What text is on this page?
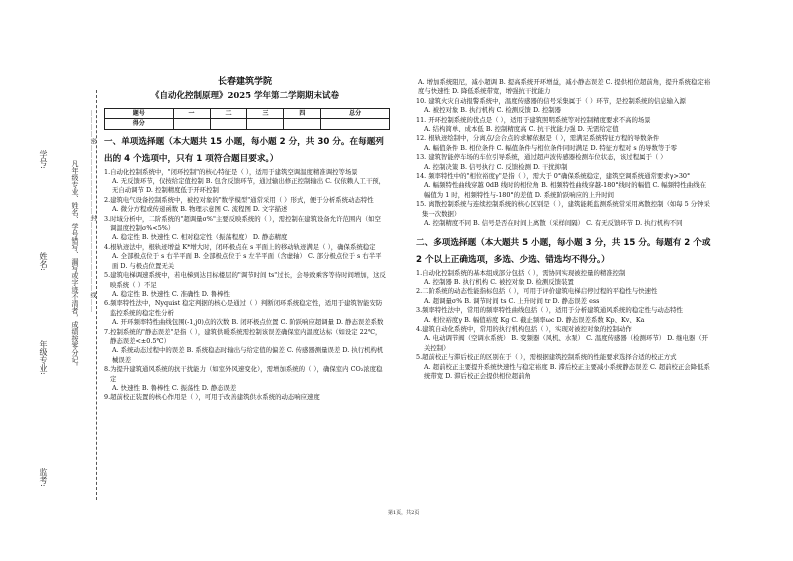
学号:
姓名:
年级专业:
监考:
凡年级专业、姓名、学号错写、漏写或字迹不清者，成绩按零分记。 …………密…………………………封…………………………线……
长春建筑学院
《自动化控制原理》2025 学年第二学期期末试卷
题号	一	二	三	四	总分
得分					
一、单项选择题（本大题共 15 小题，每小题 2 分，共 30 分。在每题列出的 4 个选项中，只有 1 项符合题目要求。）

1.自动化控制系统中，"闭环控制"的核心特征是（ ），适用于建筑空调温度精准调控等场景

A. 无反馈环节，仅按给定值控制 B. 包含反馈环节，通过输出修正控制输出 C. 仅依赖人工干预，无自动调节 D. 控制精度低于开环控制

2.建筑电气设备控制系统中，被控对象的"数学模型"通常采用（ ）形式，便于分析系统动态特性

A. 微分方程或传递函数 B. 物理示意图 C. 流程图 D. 文字描述

3.时域分析中，二阶系统的"超调量σ%"主要反映系统的（ ），需控制在建筑设备允许范围内（如空调温度控制σ%<5%）

A. 稳定性 B. 快速性 C. 相对稳定性（振荡程度） D. 静态精度

4.根轨迹法中，根轨迹增益 K*增大时，闭环极点在 s 平面上的移动轨迹满足（ ），确保系统稳定

A. 全部极点位于 s 右半平面 B. 全部极点位于 s 左半平面（含虚轴） C. 部分极点位于 s 右半平面 D. 与极点位置无关

5.建筑电梯调速系统中，若电梯到达目标楼层的"调节时间 ts"过长，会导致乘客等待时间增加，这反映系统（ ）不足

A. 稳定性 B. 快速性 C. 准确性 D. 鲁棒性

6.频率特性法中，Nyquist 稳定判据的核心是通过（ ）判断闭环系统稳定性，适用于建筑智能安防监控系统的稳定性分析

A. 开环频率特性曲线包围(-1,j0)点的次数 B. 闭环极点位置 C. 阶跃响应超调量 D. 静态误差系数

7.控制系统的"静态误差"是指（ ），建筑供暖系统需控制该误差确保室内温度达标（如设定 22℃，静态误差<±0.5℃）

A. 系统动态过程中的误差 B. 系统稳态时输出与给定值的偏差 C. 传感器测量误差 D. 执行机构机械误差

8.为提升建筑通风系统的抗干扰能力（如室外风速变化），需增加系统的（ ），确保室内 CO₂浓度稳定

A. 快速性 B. 鲁棒性 C. 振荡性 D. 静态误差

9.超前校正装置的核心作用是（ ），可用于改善建筑供水系统的动态响应速度

A. 增加系统阻尼，减小超调 B. 提高系统开环增益，减小静态误差 C. 提供相位超前角，提升系统稳定裕度与快速性 D. 降低系统带宽，增强抗干扰能力

10. 建筑火灾自动报警系统中，温度传感器的信号采集属于（ ）环节，是控制系统的信息输入源

A. 被控对象 B. 执行机构 C. 检测反馈 D. 控制器

11. 开环控制系统的优点是（ ），适用于建筑照明系统等对控制精度要求不高的场景

A. 结构简单、成本低 B. 控制精度高 C. 抗干扰能力强 D. 无需给定值

12. 根轨迹绘制中，分离点/会合点的求解依据是（ ），需满足系统特征方程的导数条件

A. 幅值条件 B. 相位条件 C. 幅值条件与相位条件同时满足 D. 特征方程对 s 的导数等于零

13. 建筑智能停车场的车位引导系统，通过超声波传感器检测车位状态，该过程属于（ ）

A. 控制决策 B. 信号执行 C. 反馈检测 D. 干扰抑制

14. 频率特性中的"相位裕度γ"是指（ ），需大于 0°确保系统稳定，建筑空调系统通常要求γ>30°

A. 幅频特性曲线穿越 0dB 线时的相位角 B. 相频特性曲线穿越-180°线时的幅值 C. 幅频特性曲线在幅值为 1 时，相频特性与-180°的差值 D. 系统阶跃响应的上升时间

15. 离散控制系统与连续控制系统的核心区别是（ ），建筑能耗监测系统常采用离散控制（如每 5 分钟采集一次数据）

A. 控制精度不同 B. 信号是否在时间上离散（采样间隔） C. 有无反馈环节 D. 执行机构不同

二、多项选择题（本大题共 5 小题，每小题 3 分，共 15 分。每题有 2 个或 2 个以上正确选项，多选、少选、错选均不得分。）

1.自动化控制系统的基本组成部分包括（ ），需协同实现被控量的精准控制

A. 控制器 B. 执行机构 C. 被控对象 D. 检测反馈装置

2.二阶系统的动态性能指标包括（ ），可用于评价建筑电梯启停过程的平稳性与快速性

A. 超调量σ% B. 调节时间 ts C. 上升时间 tr D. 静态误差 ess

3.频率特性法中，常用的频率特性曲线包括（ ），适用于分析建筑通风系统的稳定性与动态特性

A. 相位裕度γ B. 幅值裕度 Kg C. 截止频率ωc D. 静态误差系数 Kp、Kv、Ka

4.建筑自动化系统中，常用的执行机构包括（ ），实现对被控对象的控制动作

A. 电动调节阀（空调水系统） B. 变频器（风机、水泵） C. 温度传感器（检测环节） D. 继电器（开关控制）

5.超前校正与滞后校正的区别在于（ ），需根据建筑控制系统的性能要求选择合适的校正方式

A. 超前校正主要提升系统快速性与稳定裕度 B. 滞后校正主要减小系统静态误差 C. 超前校正会降低系统带宽 D. 滞后校正会提供相位超前角

第1页，共2页
